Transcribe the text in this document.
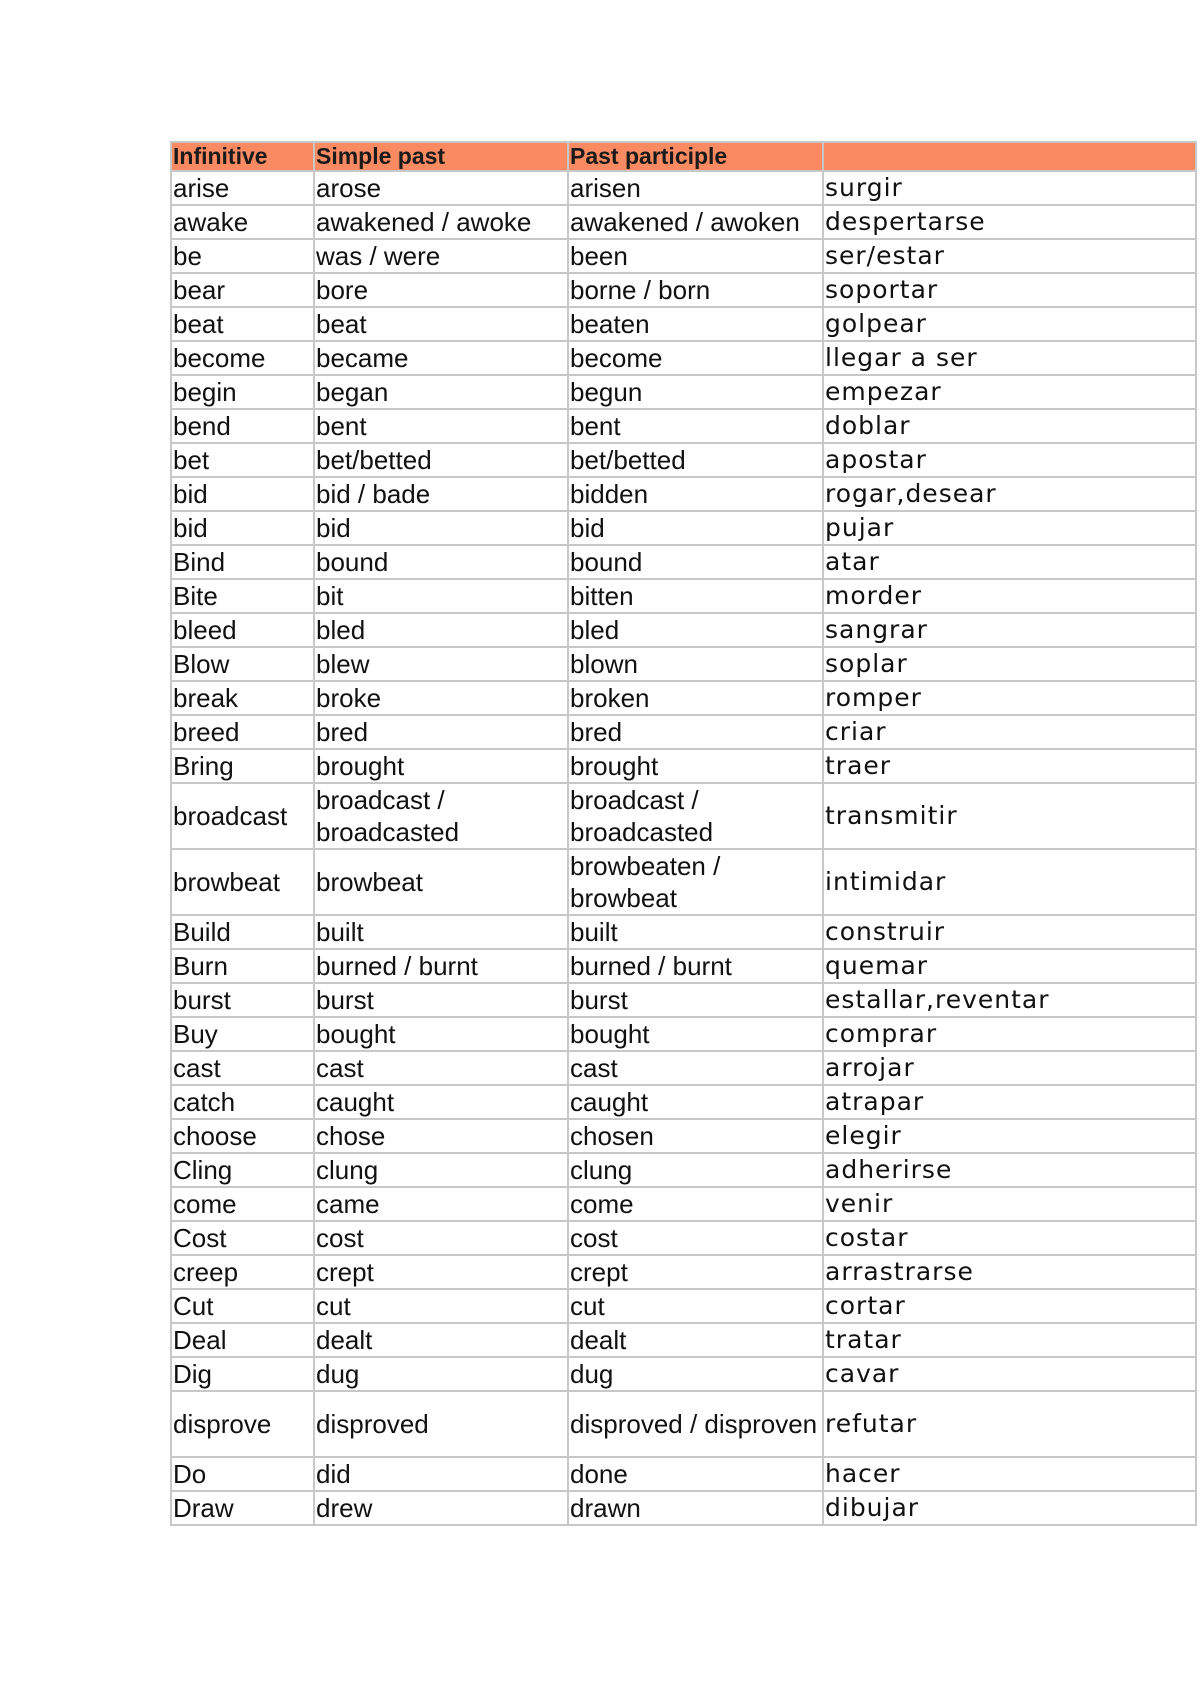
Infinitive	Simple past	Past participle	
arise	arose	arisen	surgir
awake	awakened / awoke	awakened / awoken	despertarse
be	was / were	been	ser/estar
bear	bore	borne / born	soportar
beat	beat	beaten	golpear
become	became	become	llegar a ser
begin	began	begun	empezar
bend	bent	bent	doblar
bet	bet/betted	bet/betted	apostar
bid	bid / bade	bidden	rogar,desear
bid	bid	bid	pujar
Bind	bound	bound	atar
Bite	bit	bitten	morder
bleed	bled	bled	sangrar
Blow	blew	blown	soplar
break	broke	broken	romper
breed	bred	bred	criar
Bring	brought	brought	traer
broadcast	broadcast / broadcasted	broadcast / broadcasted	transmitir
browbeat	browbeat	browbeaten / browbeat	intimidar
Build	built	built	construir
Burn	burned / burnt	burned / burnt	quemar
burst	burst	burst	estallar,reventar
Buy	bought	bought	comprar
cast	cast	cast	arrojar
catch	caught	caught	atrapar
choose	chose	chosen	elegir
Cling	clung	clung	adherirse
come	came	come	venir
Cost	cost	cost	costar
creep	crept	crept	arrastrarse
Cut	cut	cut	cortar
Deal	dealt	dealt	tratar
Dig	dug	dug	cavar
disprove	disproved	disproved / disproven	refutar
Do	did	done	hacer
Draw	drew	drawn	dibujar
